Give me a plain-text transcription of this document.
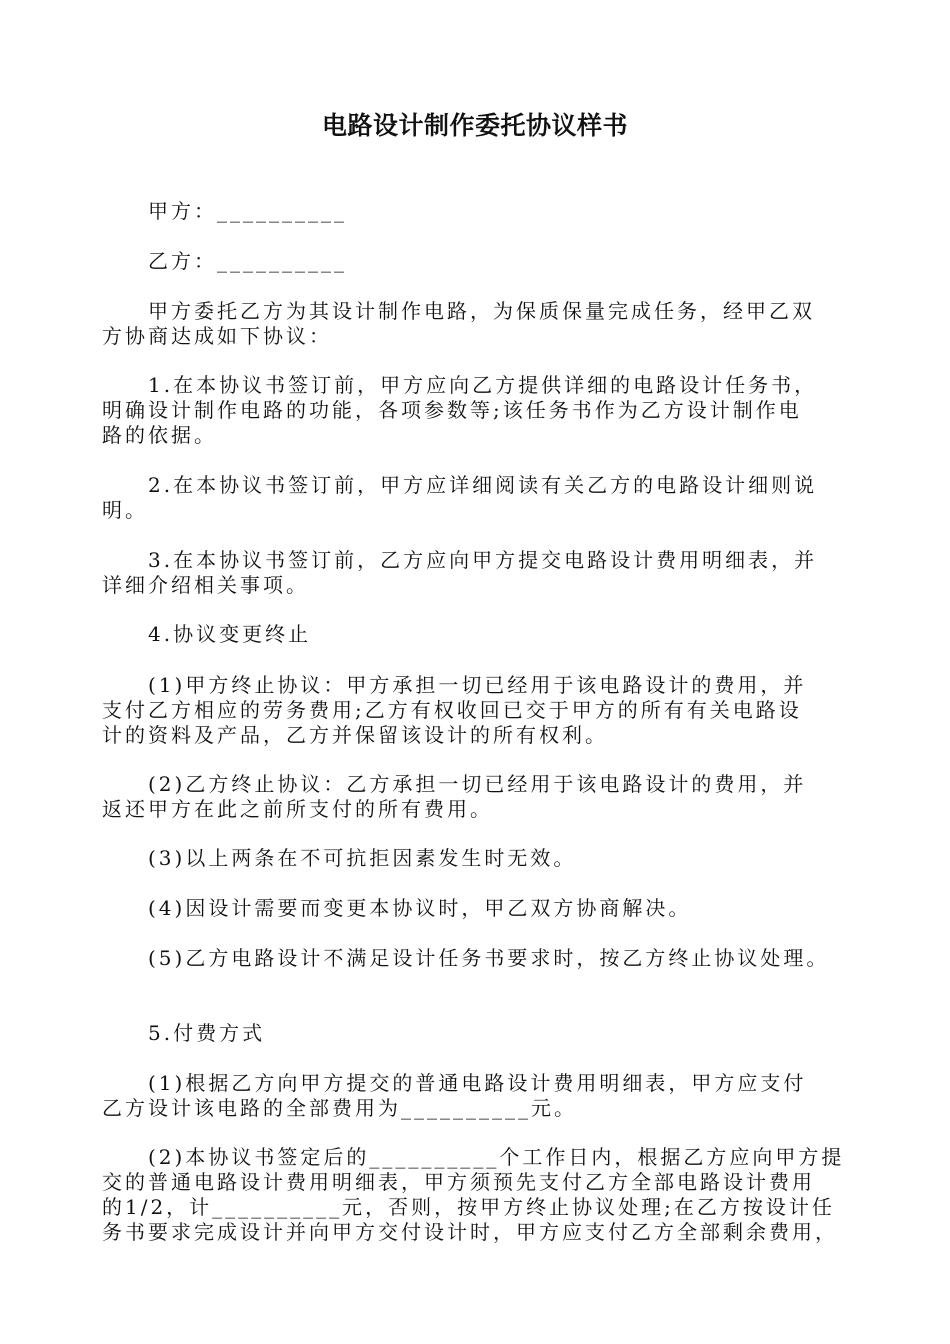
电路设计制作委托协议样书

　　甲方：__________

　　乙方：__________

　　甲方委托乙方为其设计制作电路，为保质保量完成任务，经甲乙双
方协商达成如下协议：

　　1.在本协议书签订前，甲方应向乙方提供详细的电路设计任务书，
明确设计制作电路的功能，各项参数等;该任务书作为乙方设计制作电
路的依据。

　　2.在本协议书签订前，甲方应详细阅读有关乙方的电路设计细则说
明。

　　3.在本协议书签订前，乙方应向甲方提交电路设计费用明细表，并
详细介绍相关事项。

　　4.协议变更终止

　　(1)甲方终止协议：甲方承担一切已经用于该电路设计的费用，并
支付乙方相应的劳务费用;乙方有权收回已交于甲方的所有有关电路设
计的资料及产品，乙方并保留该设计的所有权利。

　　(2)乙方终止协议：乙方承担一切已经用于该电路设计的费用，并
返还甲方在此之前所支付的所有费用。

　　(3)以上两条在不可抗拒因素发生时无效。

　　(4)因设计需要而变更本协议时，甲乙双方协商解决。

　　(5)乙方电路设计不满足设计任务书要求时，按乙方终止协议处理。

　　5.付费方式

　　(1)根据乙方向甲方提交的普通电路设计费用明细表，甲方应支付
乙方设计该电路的全部费用为__________元。

　　(2)本协议书签定后的__________个工作日内，根据乙方应向甲方提
交的普通电路设计费用明细表，甲方须预先支付乙方全部电路设计费用
的1/2，计__________元，否则，按甲方终止协议处理;在乙方按设计任
务书要求完成设计并向甲方交付设计时，甲方应支付乙方全部剩余费用，
